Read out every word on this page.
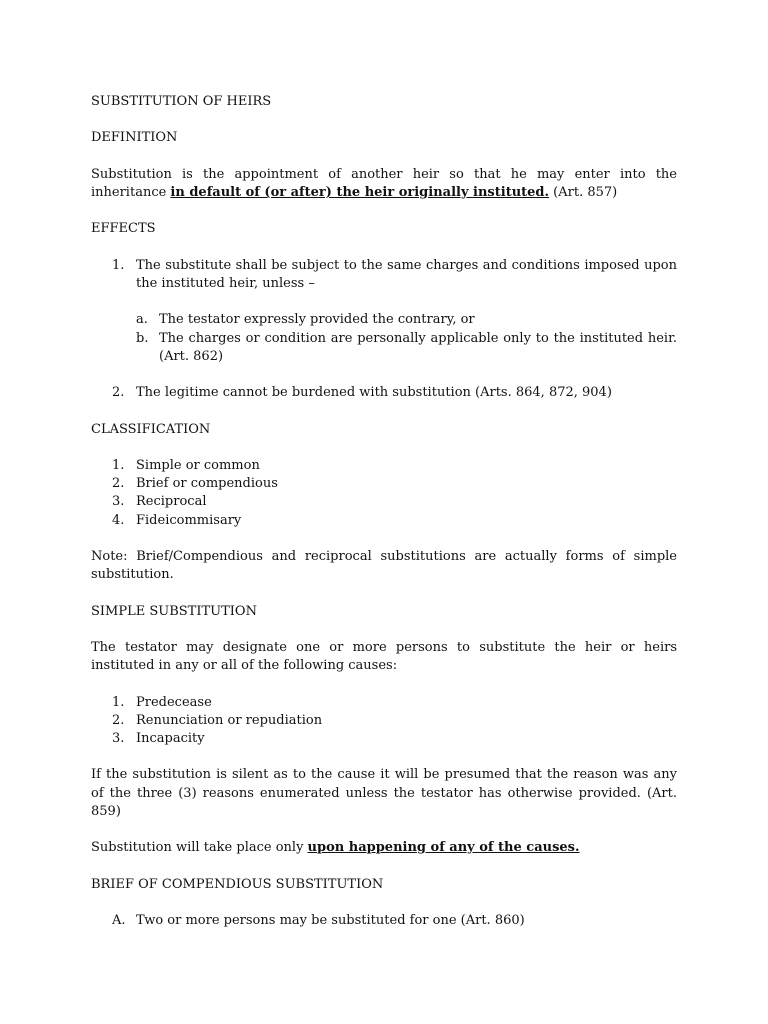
SUBSTITUTION OF HEIRS

DEFINITION

Substitution is the appointment of another heir so that he may enter into the inheritance in default of (or after) the heir originally instituted. (Art. 857)

EFFECTS

1. The substitute shall be subject to the same charges and conditions imposed upon the instituted heir, unless –

a. The testator expressly provided the contrary, or

b. The charges or condition are personally applicable only to the instituted heir. (Art. 862)

2. The legitime cannot be burdened with substitution (Arts. 864, 872, 904)

CLASSIFICATION

1. Simple or common
2. Brief or compendious
3. Reciprocal
4. Fideicommisary

Note: Brief/Compendious and reciprocal substitutions are actually forms of simple substitution.

SIMPLE SUBSTITUTION

The testator may designate one or more persons to substitute the heir or heirs instituted in any or all of the following causes:

1. Predecease
2. Renunciation or repudiation
3. Incapacity

If the substitution is silent as to the cause it will be presumed that the reason was any of the three (3) reasons enumerated unless the testator has otherwise provided. (Art. 859)

Substitution will take place only upon happening of any of the causes.

BRIEF OF COMPENDIOUS SUBSTITUTION

A. Two or more persons may be substituted for one (Art. 860)
